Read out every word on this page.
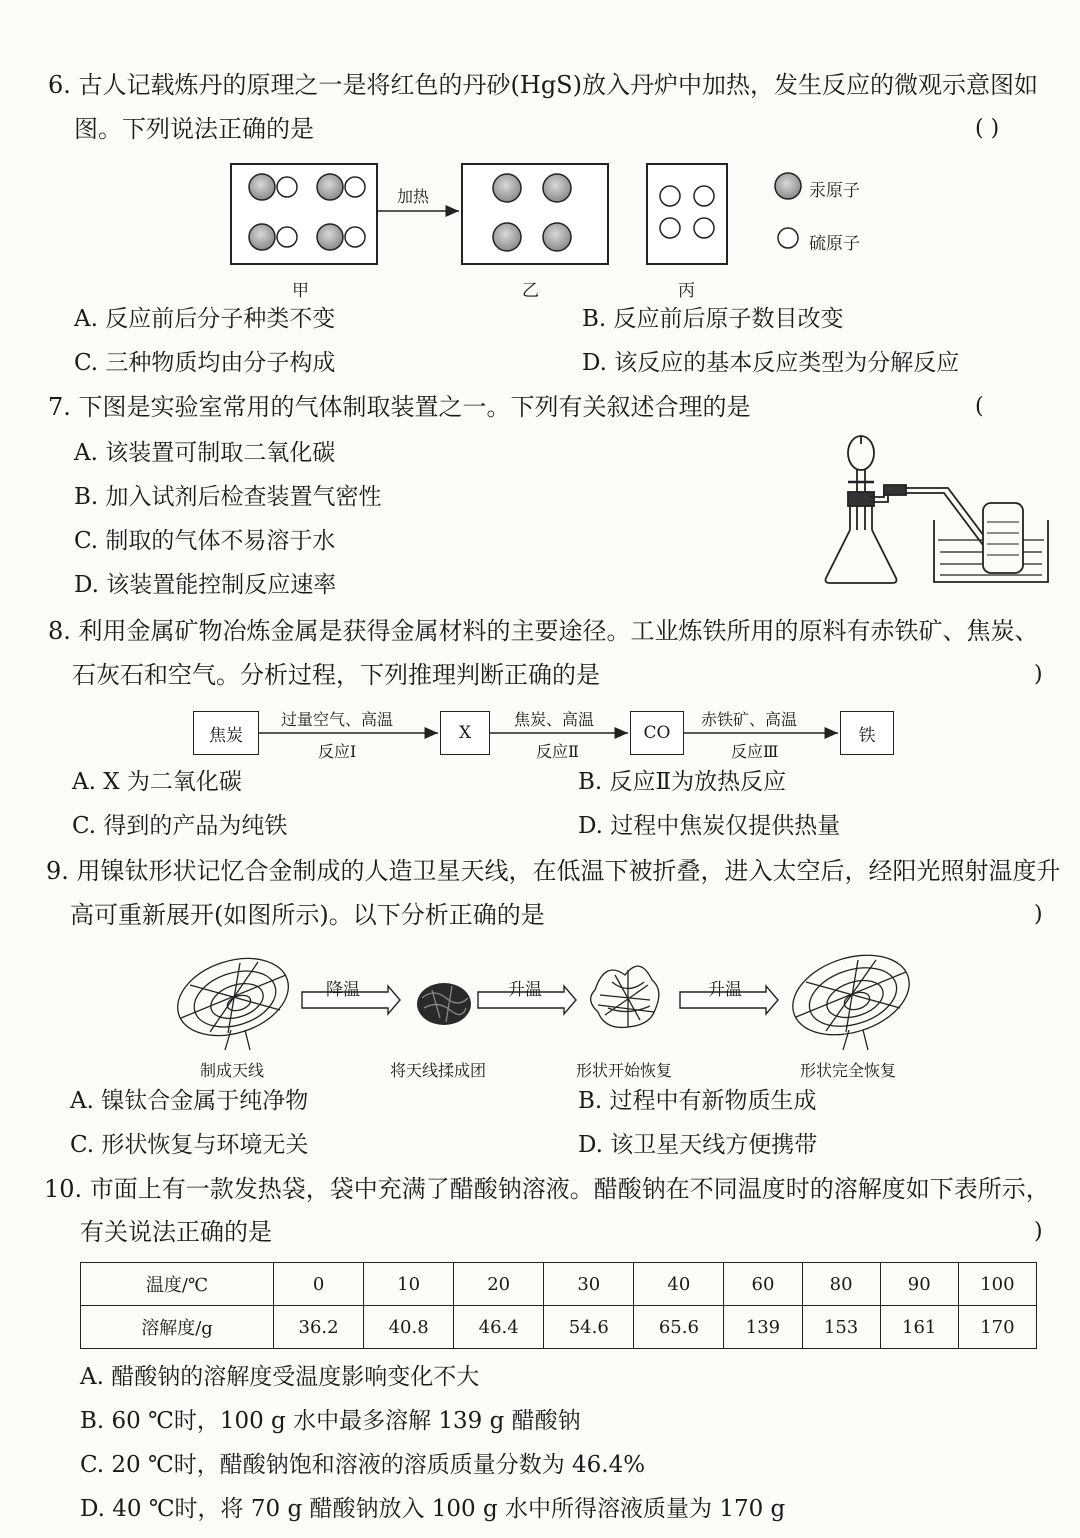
6. 古人记载炼丹的原理之一是将红色的丹砂(HgS)放入丹炉中加热，发生反应的微观示意图如
图。下列说法正确的是	( )
加热
甲	乙	丙
汞原子
硫原子
A. 反应前后分子种类不变	B. 反应前后原子数目改变
C. 三种物质均由分子构成	D. 该反应的基本反应类型为分解反应
7. 下图是实验室常用的气体制取装置之一。下列有关叙述合理的是	(
A. 该装置可制取二氧化碳
B. 加入试剂后检查装置气密性
C. 制取的气体不易溶于水
D. 该装置能控制反应速率
8. 利用金属矿物冶炼金属是获得金属材料的主要途径。工业炼铁所用的原料有赤铁矿、焦炭、
石灰石和空气。分析过程，下列推理判断正确的是	)
焦炭	X	CO	铁
过量空气、高温
反应Ⅰ
焦炭、高温
反应Ⅱ
赤铁矿、高温
反应Ⅲ
A. X 为二氧化碳	B. 反应Ⅱ为放热反应
C. 得到的产品为纯铁	D. 过程中焦炭仅提供热量
9. 用镍钛形状记忆合金制成的人造卫星天线，在低温下被折叠，进入太空后，经阳光照射温度升
高可重新展开(如图所示)。以下分析正确的是	)
降温	升温	升温
制成天线	将天线揉成团	形状开始恢复	形状完全恢复
A. 镍钛合金属于纯净物	B. 过程中有新物质生成
C. 形状恢复与环境无关	D. 该卫星天线方便携带
10. 市面上有一款发热袋，袋中充满了醋酸钠溶液。醋酸钠在不同温度时的溶解度如下表所示，
有关说法正确的是	)
温度/℃	0	10	20	30	40	60	80	90	100
溶解度/g	36.2	40.8	46.4	54.6	65.6	139	153	161	170
A. 醋酸钠的溶解度受温度影响变化不大
B. 60 ℃时，100 g 水中最多溶解 139 g 醋酸钠
C. 20 ℃时，醋酸钠饱和溶液的溶质质量分数为 46.4%
D. 40 ℃时，将 70 g 醋酸钠放入 100 g 水中所得溶液质量为 170 g
